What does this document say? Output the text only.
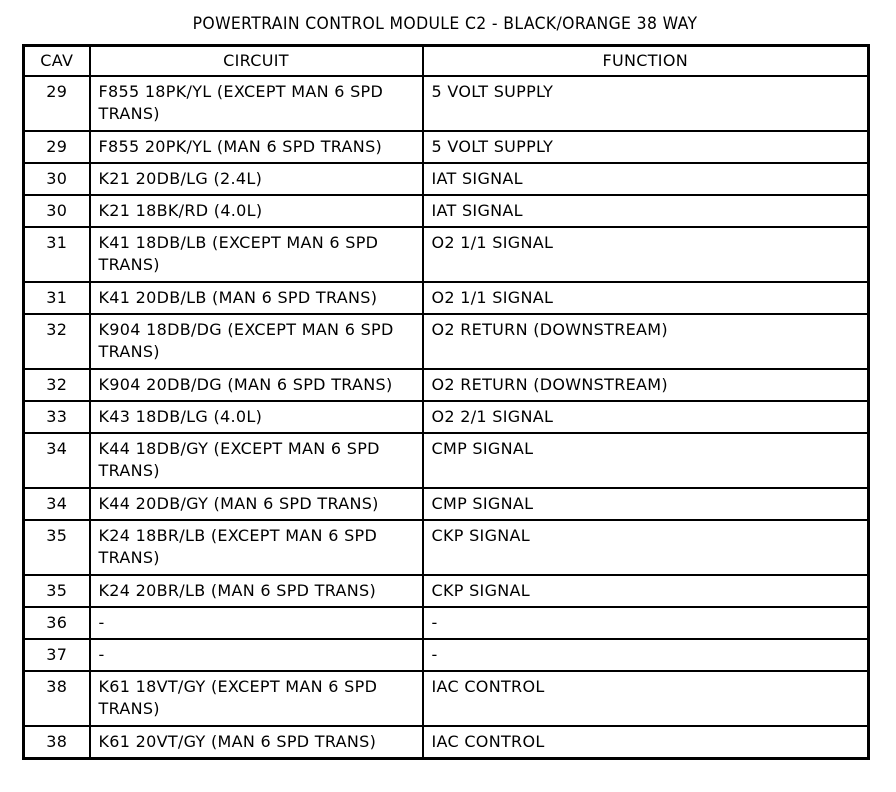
POWERTRAIN CONTROL MODULE C2 - BLACK/ORANGE 38 WAY
CAV	CIRCUIT	FUNCTION
29	F855 18PK/YL (EXCEPT MAN 6 SPD TRANS)	5 VOLT SUPPLY
29	F855 20PK/YL (MAN 6 SPD TRANS)	5 VOLT SUPPLY
30	K21 20DB/LG (2.4L)	IAT SIGNAL
30	K21 18BK/RD (4.0L)	IAT SIGNAL
31	K41 18DB/LB (EXCEPT MAN 6 SPD TRANS)	O2 1/1 SIGNAL
31	K41 20DB/LB (MAN 6 SPD TRANS)	O2 1/1 SIGNAL
32	K904 18DB/DG (EXCEPT MAN 6 SPD TRANS)	O2 RETURN (DOWNSTREAM)
32	K904 20DB/DG (MAN 6 SPD TRANS)	O2 RETURN (DOWNSTREAM)
33	K43 18DB/LG (4.0L)	O2 2/1 SIGNAL
34	K44 18DB/GY (EXCEPT MAN 6 SPD TRANS)	CMP SIGNAL
34	K44 20DB/GY (MAN 6 SPD TRANS)	CMP SIGNAL
35	K24 18BR/LB (EXCEPT MAN 6 SPD TRANS)	CKP SIGNAL
35	K24 20BR/LB (MAN 6 SPD TRANS)	CKP SIGNAL
36	-	-
37	-	-
38	K61 18VT/GY (EXCEPT MAN 6 SPD TRANS)	IAC CONTROL
38	K61 20VT/GY (MAN 6 SPD TRANS)	IAC CONTROL
